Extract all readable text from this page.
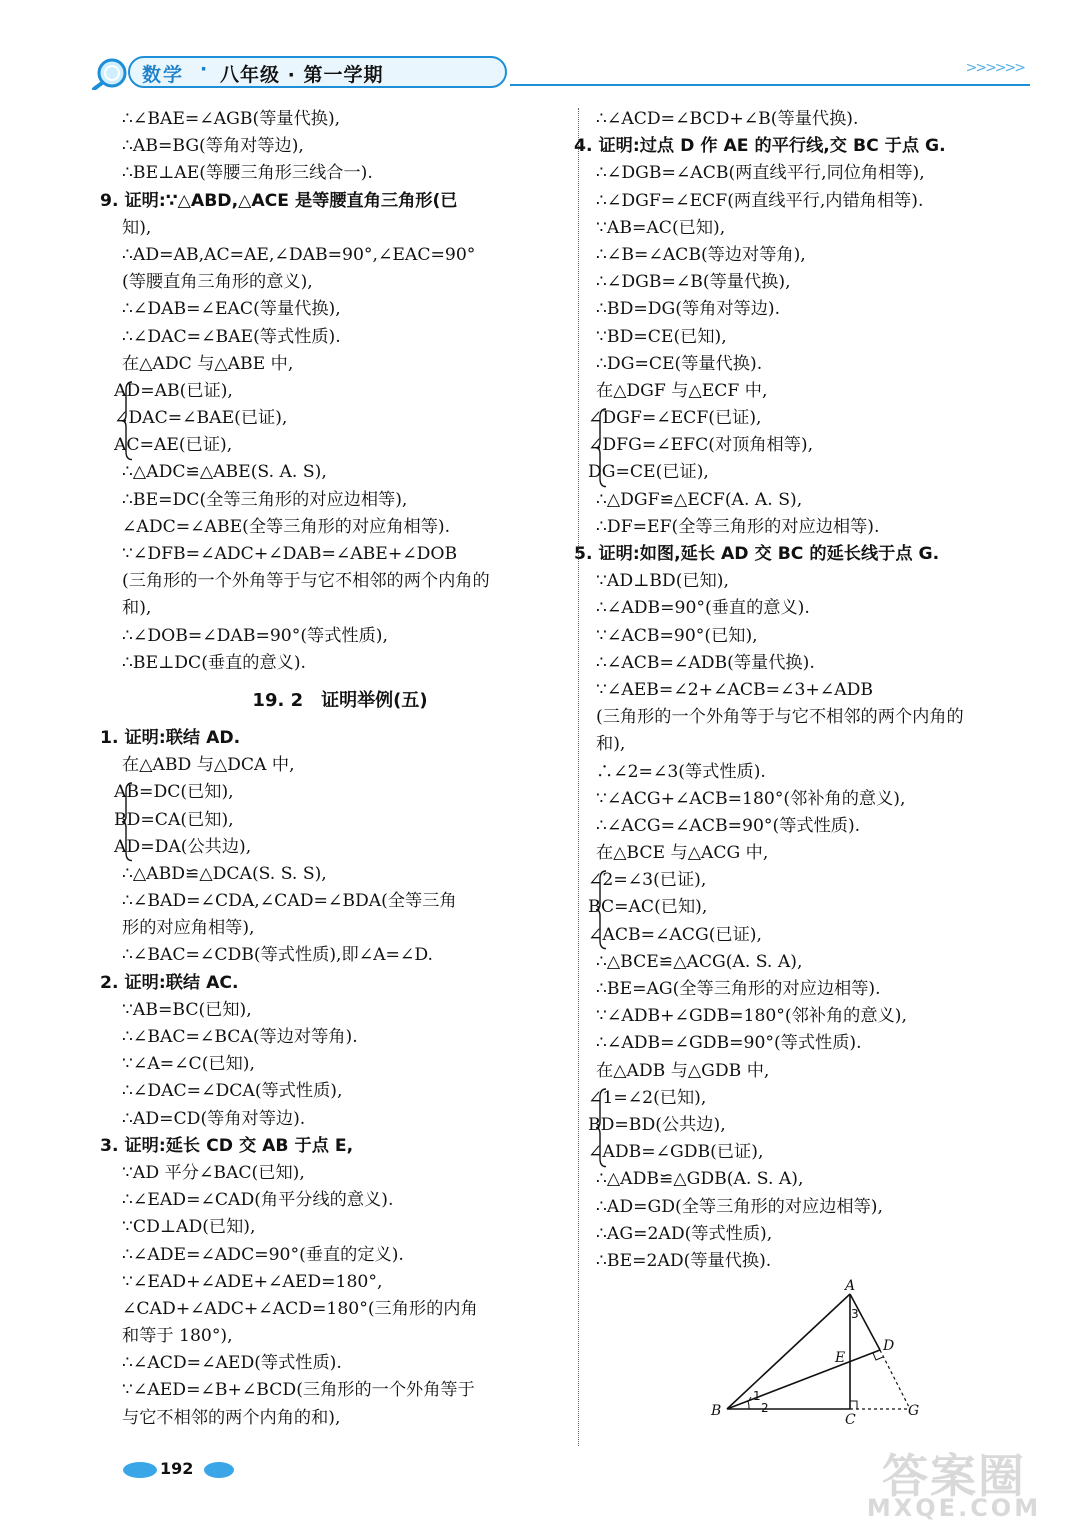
数学 · 八年级 · 第一学期	>>>>>>
∴∠BAE=∠AGB(等量代换),
∴AB=BG(等角对等边),
∴BE⊥AE(等腰三角形三线合一).
9. 证明:∵△ABD,△ACE 是等腰直角三角形(已
知),
∴AD=AB,AC=AE,∠DAB=90°,∠EAC=90°
(等腰直角三角形的意义),
∴∠DAB=∠EAC(等量代换),
∴∠DAC=∠BAE(等式性质).
在△ADC 与△ABE 中,
AD=AB(已证),
∠DAC=∠BAE(已证),
AC=AE(已证),
∴△ADC≌△ABE(S. A. S),
∴BE=DC(全等三角形的对应边相等),
∠ADC=∠ABE(全等三角形的对应角相等).
∵∠DFB=∠ADC+∠DAB=∠ABE+∠DOB
(三角形的一个外角等于与它不相邻的两个内角的
和),
∴∠DOB=∠DAB=90°(等式性质),
∴BE⊥DC(垂直的意义).
19. 2　证明举例(五)
1. 证明:联结 AD.
在△ABD 与△DCA 中,
AB=DC(已知),
BD=CA(已知),
AD=DA(公共边),
∴△ABD≌△DCA(S. S. S),
∴∠BAD=∠CDA,∠CAD=∠BDA(全等三角
形的对应角相等),
∴∠BAC=∠CDB(等式性质),即∠A=∠D.
2. 证明:联结 AC.
∵AB=BC(已知),
∴∠BAC=∠BCA(等边对等角).
∵∠A=∠C(已知),
∴∠DAC=∠DCA(等式性质),
∴AD=CD(等角对等边).
3. 证明:延长 CD 交 AB 于点 E,
∵AD 平分∠BAC(已知),
∴∠EAD=∠CAD(角平分线的意义).
∵CD⊥AD(已知),
∴∠ADE=∠ADC=90°(垂直的定义).
∵∠EAD+∠ADE+∠AED=180°,
∠CAD+∠ADC+∠ACD=180°(三角形的内角
和等于 180°),
∴∠ACD=∠AED(等式性质).
∵∠AED=∠B+∠BCD(三角形的一个外角等于
与它不相邻的两个内角的和),
∴∠ACD=∠BCD+∠B(等量代换).
4. 证明:过点 D 作 AE 的平行线,交 BC 于点 G.
∴∠DGB=∠ACB(两直线平行,同位角相等),
∴∠DGF=∠ECF(两直线平行,内错角相等).
∵AB=AC(已知),
∴∠B=∠ACB(等边对等角),
∴∠DGB=∠B(等量代换),
∴BD=DG(等角对等边).
∵BD=CE(已知),
∴DG=CE(等量代换).
在△DGF 与△ECF 中,
∠DGF=∠ECF(已证),
∠DFG=∠EFC(对顶角相等),
DG=CE(已证),
∴△DGF≌△ECF(A. A. S),
∴DF=EF(全等三角形的对应边相等).
5. 证明:如图,延长 AD 交 BC 的延长线于点 G.
∵AD⊥BD(已知),
∴∠ADB=90°(垂直的意义).
∵∠ACB=90°(已知),
∴∠ACB=∠ADB(等量代换).
∵∠AEB=∠2+∠ACB=∠3+∠ADB
(三角形的一个外角等于与它不相邻的两个内角的
和),
∴∠2=∠3(等式性质).
∵∠ACG+∠ACB=180°(邻补角的意义),
∴∠ACG=∠ACB=90°(等式性质).
在△BCE 与△ACG 中,
∠2=∠3(已证),
BC=AC(已知),
∠ACB=∠ACG(已证),
∴△BCE≌△ACG(A. S. A),
∴BE=AG(全等三角形的对应边相等).
∵∠ADB+∠GDB=180°(邻补角的意义),
∴∠ADB=∠GDB=90°(等式性质).
在△ADB 与△GDB 中,
∠1=∠2(已知),
BD=BD(公共边),
∠ADB=∠GDB(已证),
∴△ADB≌△GDB(A. S. A),
∴AD=GD(全等三角形的对应边相等),
∴AG=2AD(等式性质),
∴BE=2AD(等量代换).
A
B
C
D
E
G
1
2
3
192	答案圈
MXQE.COM
